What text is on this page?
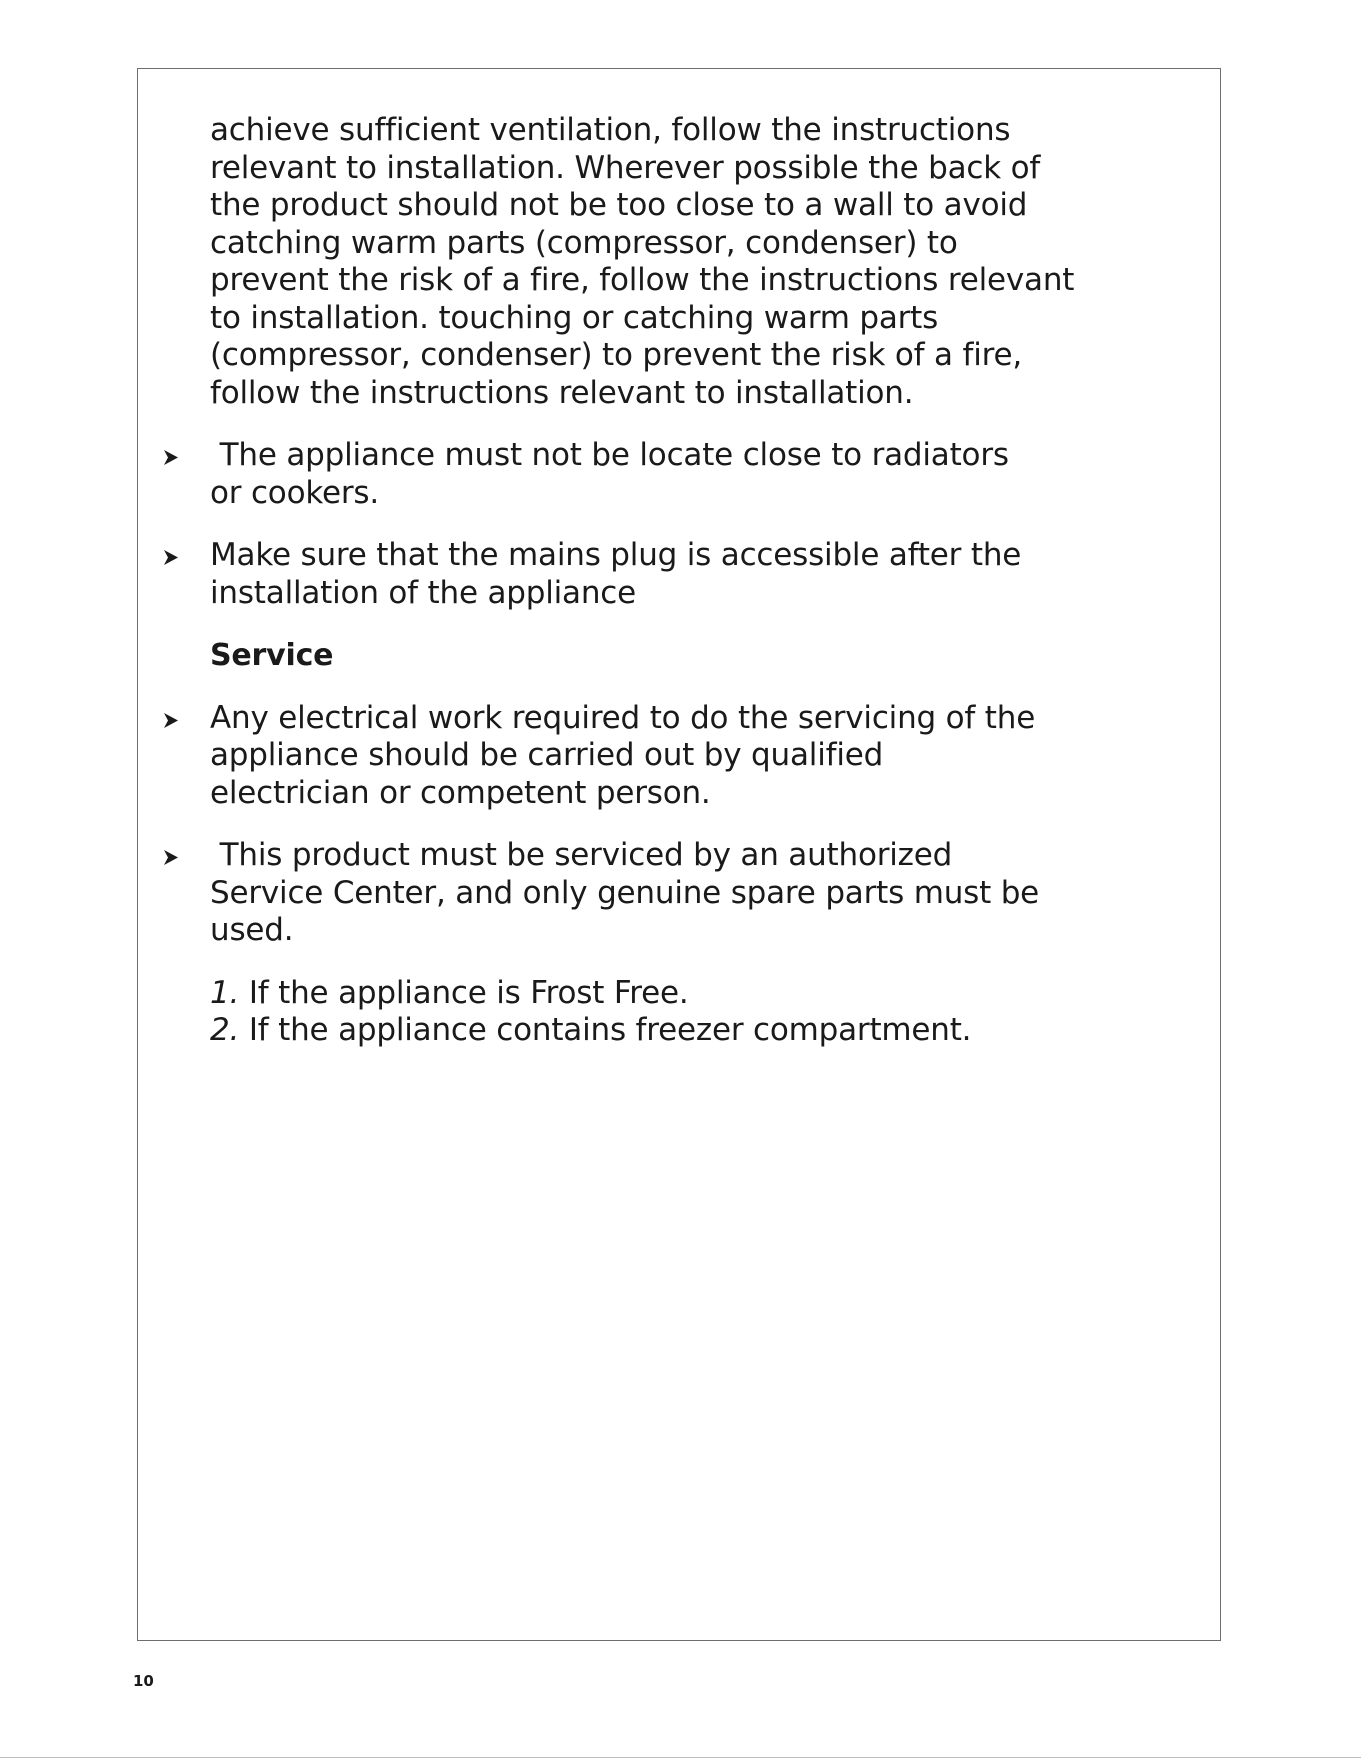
achieve sufficient ventilation, follow the instructions

relevant to installation. Wherever possible the back of

the product should not be too close to a wall to avoid

catching warm parts (compressor, condenser) to

prevent the risk of a fire, follow the instructions relevant

to installation. touching or catching warm parts

(compressor, condenser) to prevent the risk of a fire,

follow the instructions relevant to installation.

The appliance must not be locate close to radiators

or cookers.

Make sure that the mains plug is accessible after the

installation of the appliance

Service

Any electrical work required to do the servicing of the

appliance should be carried out by qualified

electrician or competent person.

This product must be serviced by an authorized

Service Center, and only genuine spare parts must be

used.

1. If the appliance is Frost Free.

2. If the appliance contains freezer compartment.

10
